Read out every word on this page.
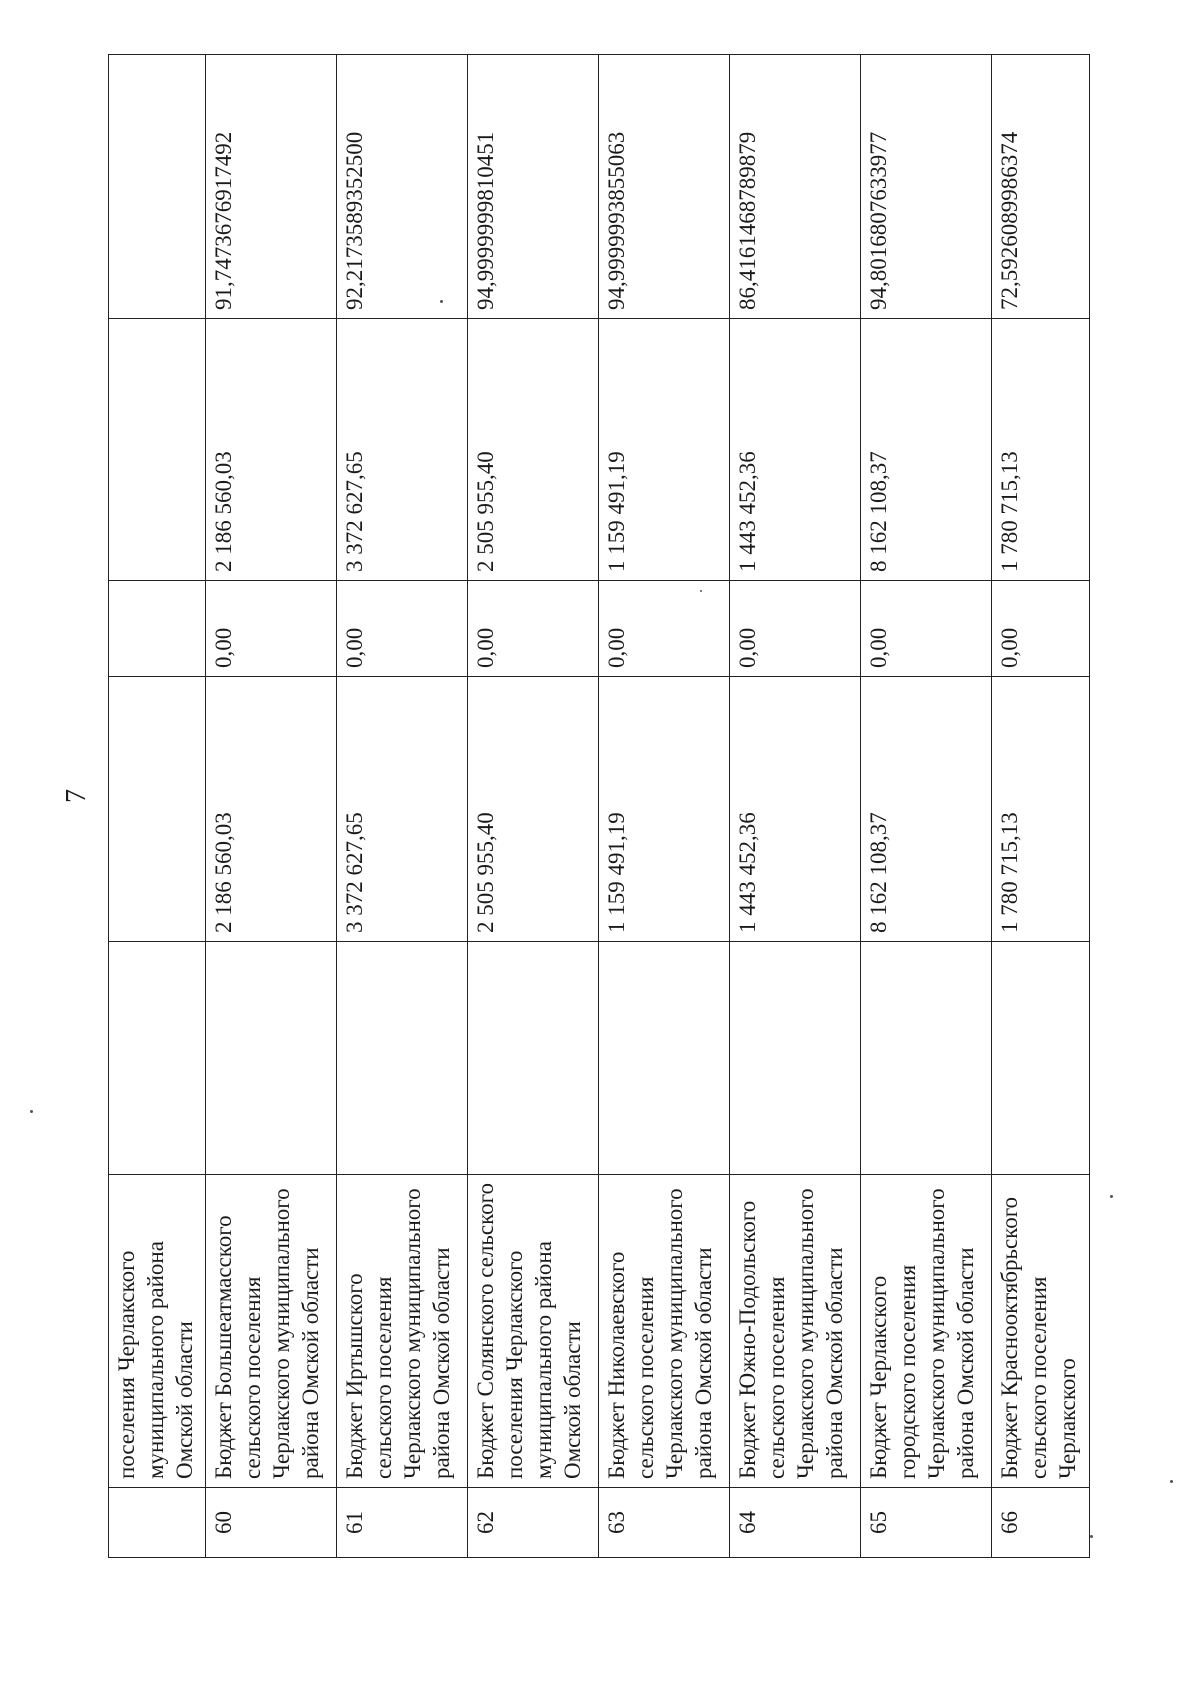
7
	поселения Черлакского муниципального района Омской области					
60	Бюджет Большеатмасского сельского поселения Черлакского муниципального района Омской области		2 186 560,03	0,00	2 186 560,03	91,7473676917492
61	Бюджет Иртышского сельского поселения Черлакского муниципального района Омской области		3 372 627,65	0,00	3 372 627,65	92,2173589352500
62	Бюджет Солянского сельского поселения Черлакского муниципального района Омской области		2 505 955,40	0,00	2 505 955,40	94,9999999810451
63	Бюджет Николаевского сельского поселения Черлакского муниципального района Омской области		1 159 491,19	0,00	1 159 491,19	94,9999993855063
64	Бюджет Южно-Подольского сельского поселения Черлакского муниципального района Омской области		1 443 452,36	0,00	1 443 452,36	86,4161468789879
65	Бюджет Черлакского городского поселения Черлакского муниципального района Омской области		8 162 108,37	0,00	8 162 108,37	94,8016807633977
66	Бюджет Краснооктябрьского сельского поселения Черлакского		1 780 715,13	0,00	1 780 715,13	72,5926089986374
